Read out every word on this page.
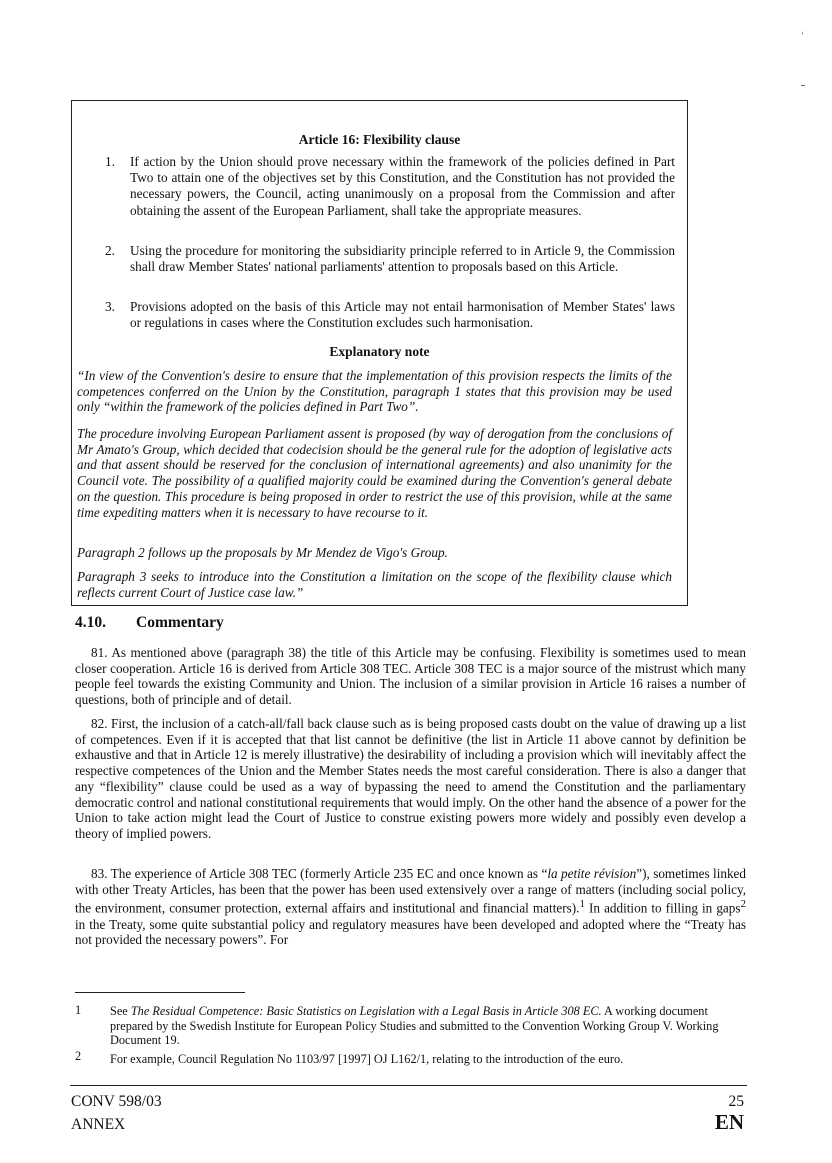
Article 16: Flexibility clause
1. If action by the Union should prove necessary within the framework of the policies defined in Part Two to attain one of the objectives set by this Constitution, and the Constitution has not provided the necessary powers, the Council, acting unanimously on a proposal from the Commission and after obtaining the assent of the European Parliament, shall take the appropriate measures.
2. Using the procedure for monitoring the subsidiarity principle referred to in Article 9, the Commission shall draw Member States' national parliaments' attention to proposals based on this Article.
3. Provisions adopted on the basis of this Article may not entail harmonisation of Member States' laws or regulations in cases where the Constitution excludes such harmonisation.
Explanatory note
“In view of the Convention's desire to ensure that the implementation of this provision respects the limits of the competences conferred on the Union by the Constitution, paragraph 1 states that this provision may be used only “within the framework of the policies defined in Part Two”.
The procedure involving European Parliament assent is proposed (by way of derogation from the conclusions of Mr Amato's Group, which decided that codecision should be the general rule for the adoption of legislative acts and that assent should be reserved for the conclusion of international agreements) and also unanimity for the Council vote. The possibility of a qualified majority could be examined during the Convention's general debate on the question. This procedure is being proposed in order to restrict the use of this provision, while at the same time expediting matters when it is necessary to have recourse to it.
Paragraph 2 follows up the proposals by Mr Mendez de Vigo's Group.
Paragraph 3 seeks to introduce into the Constitution a limitation on the scope of the flexibility clause which reflects current Court of Justice case law.”
4.10. Commentary
81. As mentioned above (paragraph 38) the title of this Article may be confusing. Flexibility is sometimes used to mean closer cooperation. Article 16 is derived from Article 308 TEC. Article 308 TEC is a major source of the mistrust which many people feel towards the existing Community and Union. The inclusion of a similar provision in Article 16 raises a number of questions, both of principle and of detail.
82. First, the inclusion of a catch-all/fall back clause such as is being proposed casts doubt on the value of drawing up a list of competences. Even if it is accepted that that list cannot be definitive (the list in Article 11 above cannot by definition be exhaustive and that in Article 12 is merely illustrative) the desirability of including a provision which will inevitably affect the respective competences of the Union and the Member States needs the most careful consideration. There is also a danger that any “flexibility” clause could be used as a way of bypassing the need to amend the Constitution and the parliamentary democratic control and national constitutional requirements that would imply. On the other hand the absence of a power for the Union to take action might lead the Court of Justice to construe existing powers more widely and possibly even develop a theory of implied powers.
83. The experience of Article 308 TEC (formerly Article 235 EC and once known as “la petite révision”), sometimes linked with other Treaty Articles, has been that the power has been used extensively over a range of matters (including social policy, the environment, consumer protection, external affairs and institutional and financial matters).$^1$ In addition to filling in gaps$^2$ in the Treaty, some quite substantial policy and regulatory measures have been developed and adopted where the “Treaty has not provided the necessary powers”. For
1 See The Residual Competence: Basic Statistics on Legislation with a Legal Basis in Article 308 EC. A working document prepared by the Swedish Institute for European Policy Studies and submitted to the Convention Working Group V. Working Document 19.
2 For example, Council Regulation No 1103/97 [1997] OJ L162/1, relating to the introduction of the euro.
CONV 598/03
ANNEX
25
EN
‘
